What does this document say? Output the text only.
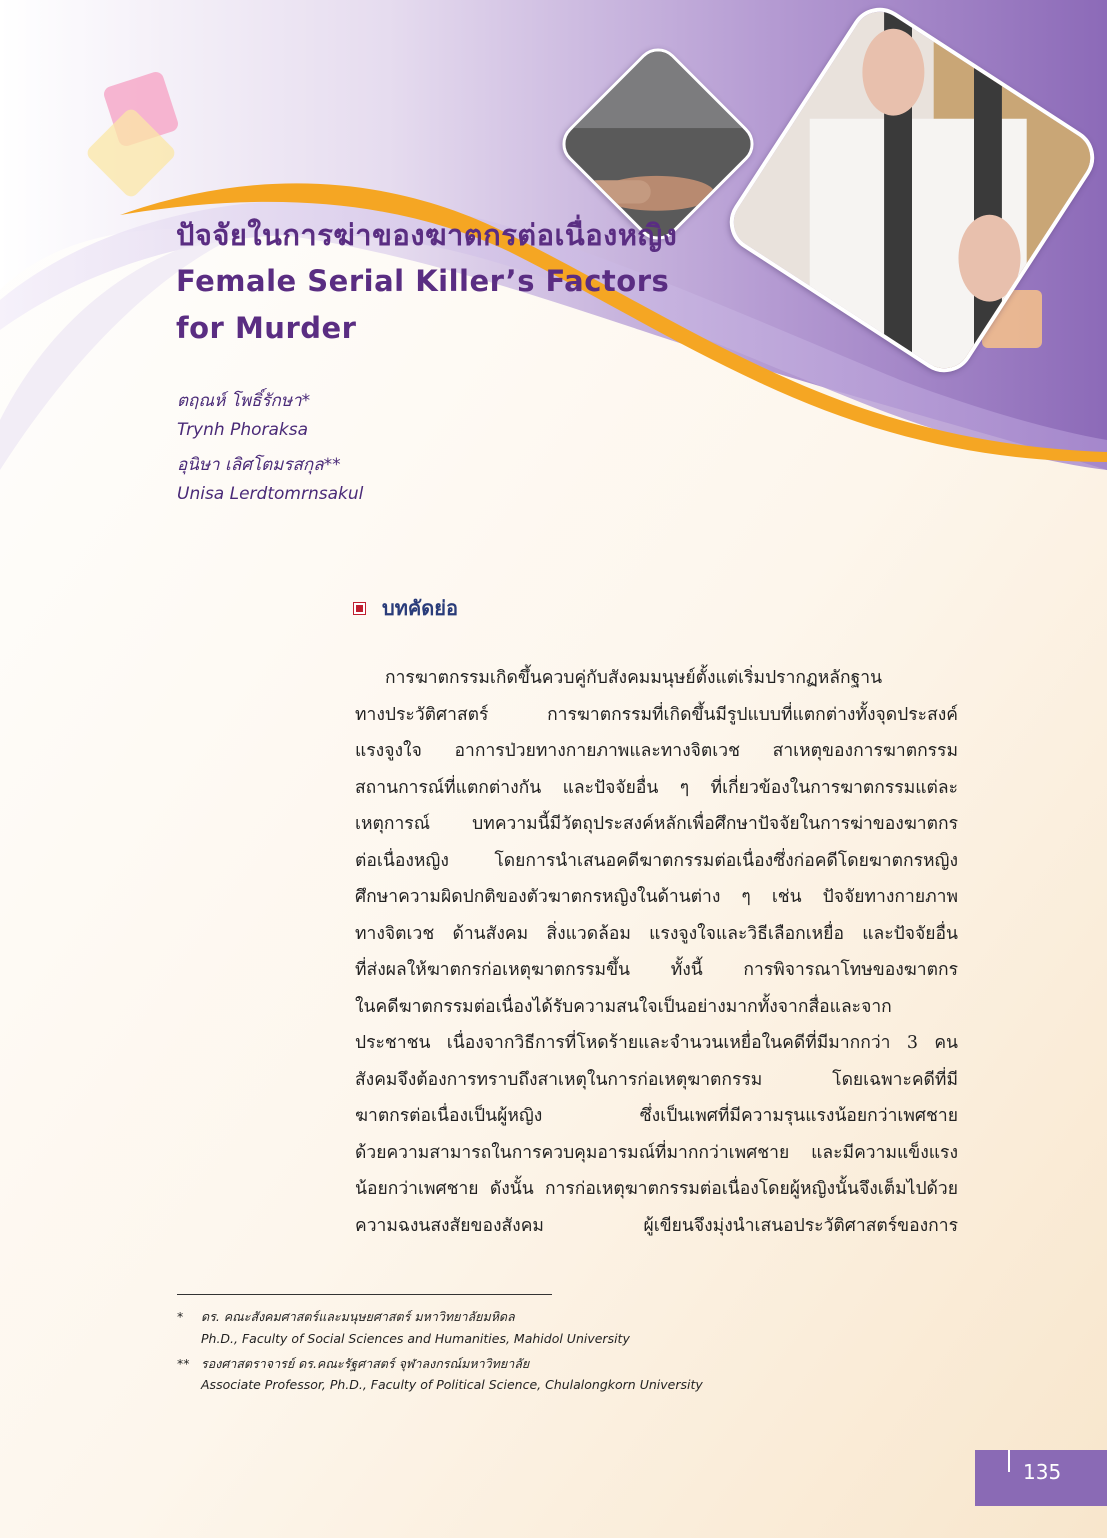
ปัจจัยในการฆ่าของฆาตกรต่อเนื่องหญิง
Female Serial Killer’s Factors
for Murder
ตฤณห์ โพธิ์รักษา*
Trynh Phoraksa
อุนิษา เลิศโตมรสกุล**
Unisa Lerdtomrnsakul
บทคัดย่อ
การฆาตกรรมเกิดขึ้นควบคู่กับสังคมมนุษย์ตั้งแต่เริ่มปรากฏหลักฐาน
ทางประวัติศาสตร์ การฆาตกรรมที่เกิดขึ้นมีรูปแบบที่แตกต่างทั้งจุดประสงค์
แรงจูงใจ อาการป่วยทางกายภาพและทางจิตเวช สาเหตุของการฆาตกรรม
สถานการณ์ที่แตกต่างกัน และปัจจัยอื่น ๆ ที่เกี่ยวข้องในการฆาตกรรมแต่ละ
เหตุการณ์ บทความนี้มีวัตถุประสงค์หลักเพื่อศึกษาปัจจัยในการฆ่าของฆาตกร
ต่อเนื่องหญิง โดยการนำเสนอคดีฆาตกรรมต่อเนื่องซึ่งก่อคดีโดยฆาตกรหญิง
ศึกษาความผิดปกติของตัวฆาตกรหญิงในด้านต่าง ๆ เช่น ปัจจัยทางกายภาพ
ทางจิตเวช ด้านสังคม สิ่งแวดล้อม แรงจูงใจและวิธีเลือกเหยื่อ และปัจจัยอื่น
ที่ส่งผลให้ฆาตกรก่อเหตุฆาตกรรมขึ้น ทั้งนี้ การพิจารณาโทษของฆาตกร
ในคดีฆาตกรรมต่อเนื่องได้รับความสนใจเป็นอย่างมากทั้งจากสื่อและจาก
ประชาชน เนื่องจากวิธีการที่โหดร้ายและจำนวนเหยื่อในคดีที่มีมากกว่า 3 คน
สังคมจึงต้องการทราบถึงสาเหตุในการก่อเหตุฆาตกรรม โดยเฉพาะคดีที่มี
ฆาตกรต่อเนื่องเป็นผู้หญิง ซึ่งเป็นเพศที่มีความรุนแรงน้อยกว่าเพศชาย
ด้วยความสามารถในการควบคุมอารมณ์ที่มากกว่าเพศชาย และมีความแข็งแรง
น้อยกว่าเพศชาย ดังนั้น การก่อเหตุฆาตกรรมต่อเนื่องโดยผู้หญิงนั้นจึงเต็มไปด้วย
ความฉงนสงสัยของสังคม ผู้เขียนจึงมุ่งนำเสนอประวัติศาสตร์ของการ
* ดร. คณะสังคมศาสตร์และมนุษยศาสตร์ มหาวิทยาลัยมหิดล
Ph.D., Faculty of Social Sciences and Humanities, Mahidol University
** รองศาสตราจารย์ ดร.คณะรัฐศาสตร์ จุฬาลงกรณ์มหาวิทยาลัย
Associate Professor, Ph.D., Faculty of Political Science, Chulalongkorn University
135
